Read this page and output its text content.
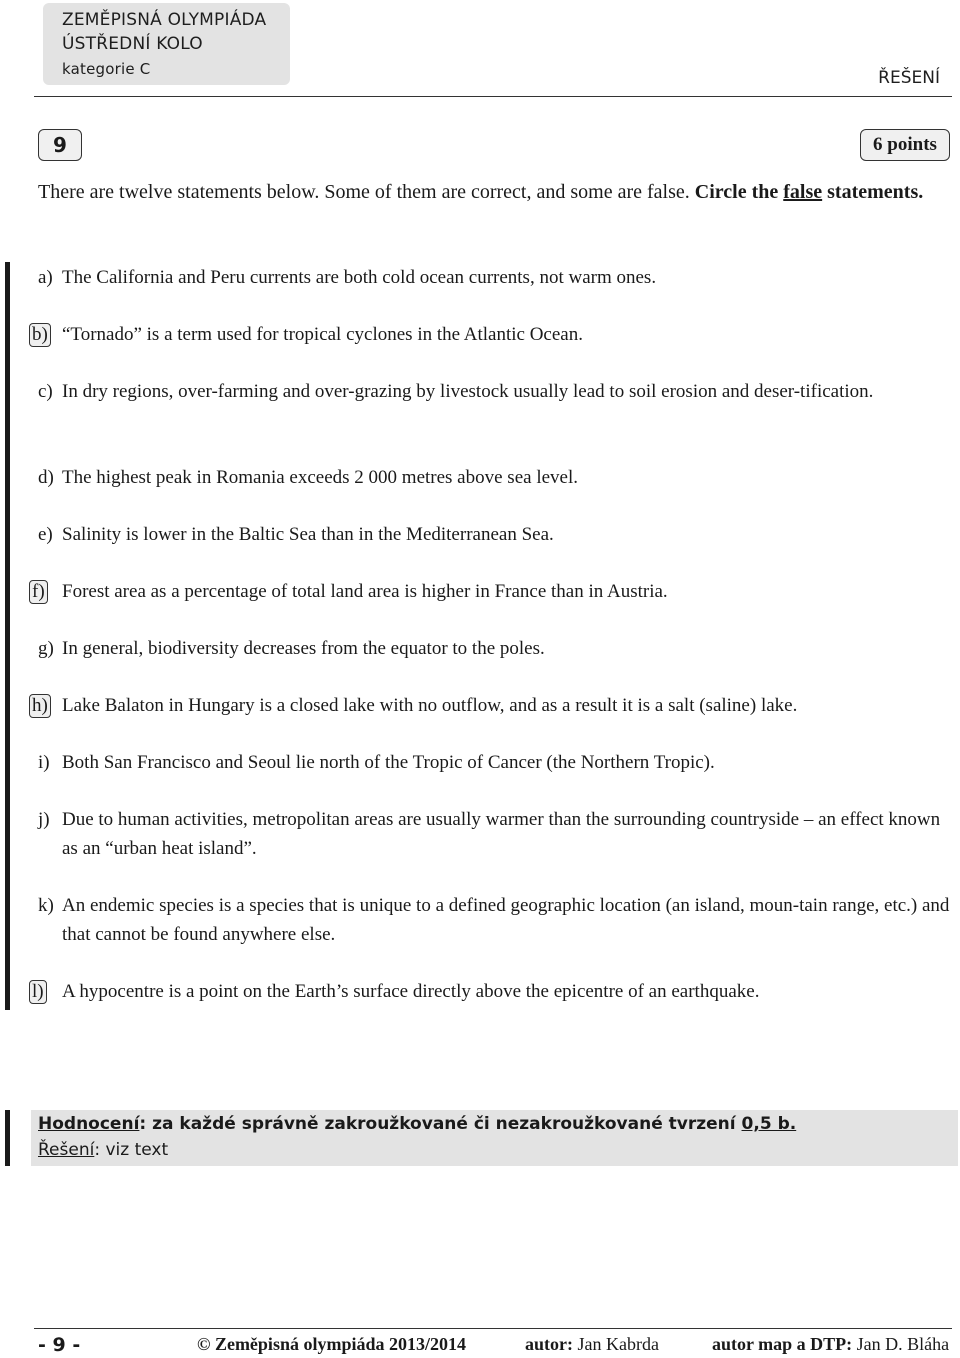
ZEMĚPISNÁ OLYMPIÁDA
ÚSTŘEDNÍ KOLO
kategorie C	ŘEŠENÍ
9	6 points
There are twelve statements below. Some of them are correct, and some are false. Circle the false statements.
a) The California and Peru currents are both cold ocean currents, not warm ones.
b) “Tornado” is a term used for tropical cyclones in the Atlantic Ocean.
c) In dry regions, over-farming and over-grazing by livestock usually lead to soil erosion and deser-tification.
d) The highest peak in Romania exceeds 2 000 metres above sea level.
e) Salinity is lower in the Baltic Sea than in the Mediterranean Sea.
f) Forest area as a percentage of total land area is higher in France than in Austria.
g) In general, biodiversity decreases from the equator to the poles.
h) Lake Balaton in Hungary is a closed lake with no outflow, and as a result it is a salt (saline) lake.
i) Both San Francisco and Seoul lie north of the Tropic of Cancer (the Northern Tropic).
j) Due to human activities, metropolitan areas are usually warmer than the surrounding countryside – an effect known as an “urban heat island”.
k) An endemic species is a species that is unique to a defined geographic location (an island, moun-tain range, etc.) and that cannot be found anywhere else.
l) A hypocentre is a point on the Earth’s surface directly above the epicentre of an earthquake.
Hodnocení: za každé správně zakroužkované či nezakroužkované tvrzení 0,5 b.
Řešení: viz text
- 9 -	© Zeměpisná olympiáda 2013/2014	autor: Jan Kabrda	autor map a DTP: Jan D. Bláha
